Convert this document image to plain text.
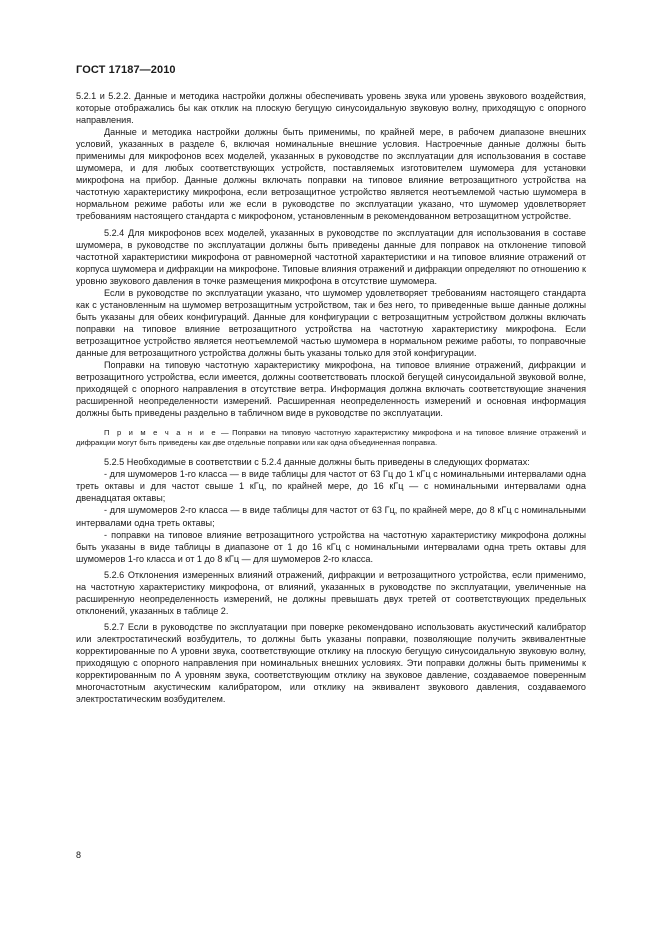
ГОСТ 17187—2010

5.2.1 и 5.2.2. Данные и методика настройки должны обеспечивать уровень звука или уровень звукового воздействия, которые отображались бы как отклик на плоскую бегущую синусоидальную звуковую волну, приходящую с опорного направления.

Данные и методика настройки должны быть применимы, по крайней мере, в рабочем диапазоне внешних условий, указанных в разделе 6, включая номинальные внешние условия. Настроечные данные должны быть применимы для микрофонов всех моделей, указанных в руководстве по эксплуатации для использования в составе шумомера, и для любых соответствующих устройств, поставляемых изготовителем шумомера для установки микрофона на прибор. Данные должны включать поправки на типовое влияние ветрозащитного устройства на частотную характеристику микрофона, если ветрозащитное устройство является неотъемлемой частью шумомера в нормальном режиме работы или же если в руководстве по эксплуатации указано, что шумомер удовлетворяет требованиям настоящего стандарта с микрофоном, установленным в рекомендованном ветрозащитном устройстве.

5.2.4 Для микрофонов всех моделей, указанных в руководстве по эксплуатации для использования в составе шумомера, в руководстве по эксплуатации должны быть приведены данные для поправок на отклонение типовой частотной характеристики микрофона от равномерной частотной характеристики и на типовое влияние отражений от корпуса шумомера и дифракции на микрофоне. Типовые влияния отражений и дифракции определяют по отношению к уровню звукового давления в точке размещения микрофона в отсутствие шумомера.

Если в руководстве по эксплуатации указано, что шумомер удовлетворяет требованиям настоящего стандарта как с установленным на шумомер ветрозащитным устройством, так и без него, то приведенные выше данные должны быть указаны для обеих конфигураций. Данные для конфигурации с ветрозащитным устройством должны включать поправки на типовое влияние ветрозащитного устройства на частотную характеристику микрофона. Если ветрозащитное устройство является неотъемлемой частью шумомера в нормальном режиме работы, то поправочные данные для ветрозащитного устройства должны быть указаны только для этой конфигурации.

Поправки на типовую частотную характеристику микрофона, на типовое влияние отражений, дифракции и ветрозащитного устройства, если имеется, должны соответствовать плоской бегущей синусоидальной звуковой волне, приходящей с опорного направления в отсутствие ветра. Информация должна включать соответствующие значения расширенной неопределенности измерений. Расширенная неопределенность измерений и основная информация должны быть приведены раздельно в табличном виде в руководстве по эксплуатации.

П р и м е ч а н и е — Поправки на типовую частотную характеристику микрофона и на типовое влияние отражений и дифракции могут быть приведены как две отдельные поправки или как одна объединенная поправка.

5.2.5 Необходимые в соответствии с 5.2.4 данные должны быть приведены в следующих форматах:

- для шумомеров 1-го класса — в виде таблицы для частот от 63 Гц до 1 кГц с номинальными интервалами одна треть октавы и для частот свыше 1 кГц, по крайней мере, до 16 кГц — с номинальными интервалами одна двенадцатая октавы;

- для шумомеров 2-го класса — в виде таблицы для частот от 63 Гц, по крайней мере, до 8 кГц с номинальными интервалами одна треть октавы;

- поправки на типовое влияние ветрозащитного устройства на частотную характеристику микрофона должны быть указаны в виде таблицы в диапазоне от 1 до 16 кГц с номинальными интервалами одна треть октавы для шумомеров 1-го класса и от 1 до 8 кГц — для шумомеров 2-го класса.

5.2.6 Отклонения измеренных влияний отражений, дифракции и ветрозащитного устройства, если применимо, на частотную характеристику микрофона, от влияний, указанных в руководстве по эксплуатации, увеличенные на расширенную неопределенность измерений, не должны превышать двух третей от соответствующих предельных отклонений, указанных в таблице 2.

5.2.7 Если в руководстве по эксплуатации при поверке рекомендовано использовать акустический калибратор или электростатический возбудитель, то должны быть указаны поправки, позволяющие получить эквивалентные корректированные по А уровни звука, соответствующие отклику на плоскую бегущую синусоидальную звуковую волну, приходящую с опорного направления при номинальных внешних условиях. Эти поправки должны быть применимы к корректированным по А уровням звука, соответствующим отклику на звуковое давление, создаваемое поверенным многочастотным акустическим калибратором, или отклику на эквивалент звукового давления, создаваемого электростатическим возбудителем.

8
